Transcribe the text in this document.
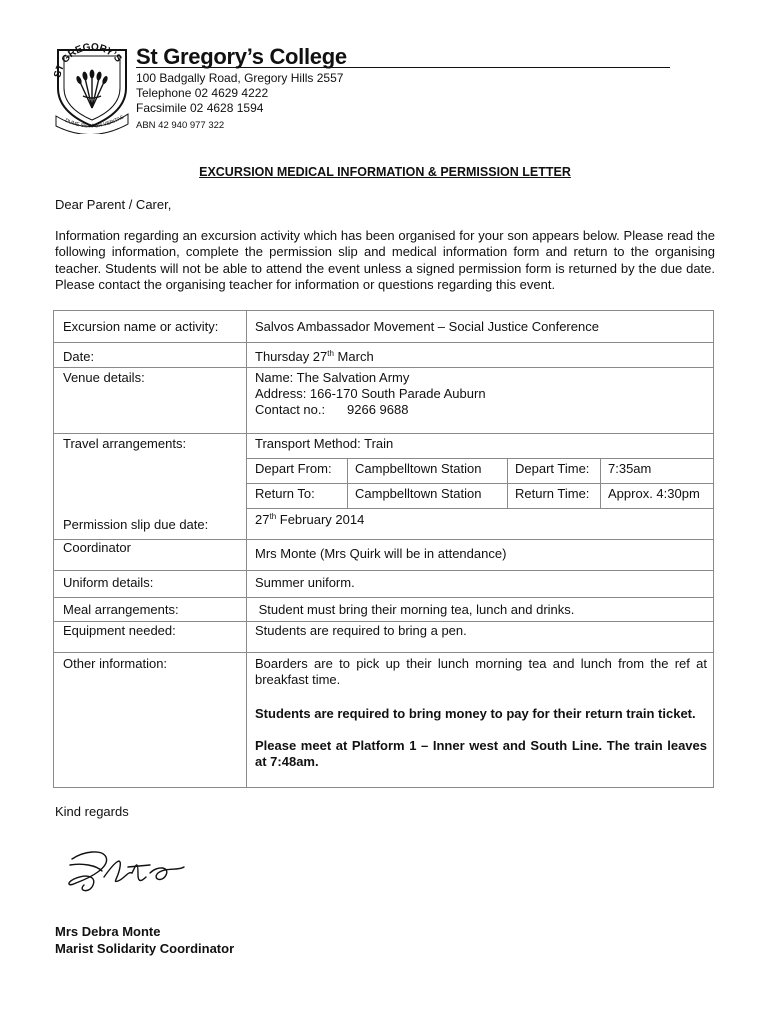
ST GREGORY’S
DUME SEMPER VERITAS
St Gregory’s College
100 Badgally Road, Gregory Hills 2557
Telephone 02 4629 4222
Facsimile 02 4628 1594
ABN 42 940 977 322
EXCURSION MEDICAL INFORMATION & PERMISSION LETTER
Dear Parent / Carer,

Information regarding an excursion activity which has been organised for your son appears below. Please read the following information, complete the permission slip and medical information form and return to the organising teacher. Students will not be able to attend the event unless a signed permission form is returned by the due date. Please contact the organising teacher for information or questions regarding this event.

Excursion name or activity:	Salvos Ambassador Movement – Social Justice Conference
Date:	Thursday 27th March
Venue details:	Name: The Salvation Army
Address: 166-170 South Parade Auburn
Contact no.: 9266 9688
Travel arrangements:	Transport Method: Train
Depart From: Campbelltown Station	Depart Time: 7:35am
Return To:	Campbelltown Station	Return Time: Approx. 4:30pm
Permission slip due date:	27th February 2014
Coordinator	Mrs Monte (Mrs Quirk will be in attendance)
Uniform details:	Summer uniform.
Meal arrangements:	Student must bring their morning tea, lunch and drinks.
Equipment needed:	Students are required to bring a pen.
Other information:	Boarders are to pick up their lunch morning tea and lunch from the ref at breakfast time.
Students are required to bring money to pay for their return train ticket.
Please meet at Platform 1 – Inner west and South Line. The train leaves at 7:48am.
Kind regards
Mrs Debra Monte
Marist Solidarity Coordinator
